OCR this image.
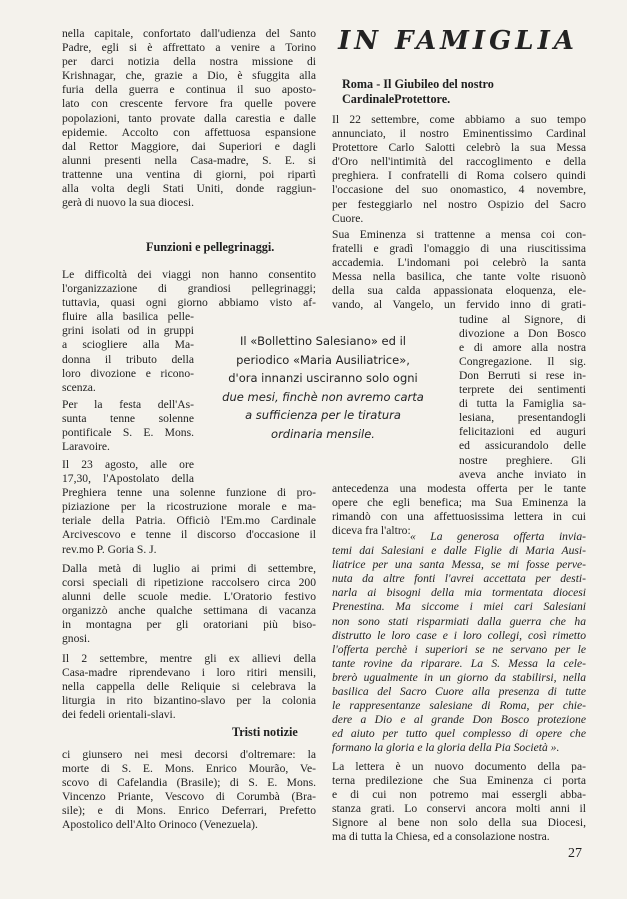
nella capitale, confortato dall'udienza del Santo
Padre, egli si è affrettato a venire a Torino
per darci notizia della nostra missione di
Krishnagar, che, grazie a Dio, è sfuggita alla
furia della guerra e continua il suo aposto-
lato con crescente fervore fra quelle povere
popolazioni, tanto provate dalla carestia e dalle
epidemie. Accolto con affettuosa espansione
dal Rettor Maggiore, dai Superiori e dagli
alunni presenti nella Casa-madre, S. E. si
trattenne una ventina di giorni, poi ripartì
alla volta degli Stati Uniti, donde raggiun-
gerà di nuovo la sua diocesi.

Funzioni e pellegrinaggi.

Le difficoltà dei viaggi non hanno consentito
l'organizzazione di grandiosi pellegrinaggi;
tuttavia, quasi ogni giorno abbiamo visto af-
fluire alla basilica pelle-
grini isolati od in gruppi
a sciogliere alla Ma-
donna il tributo della
loro divozione e ricono-
scenza.
Per la festa dell'As-
sunta tenne solenne
pontificale S. E. Mons.
Laravoire.
Il 23 agosto, alle ore
17,30, l'Apostolato della
Preghiera tenne una solenne funzione di pro-
piziazione per la ricostruzione morale e ma-
teriale della Patria. Officiò l'Em.mo Cardinale
Arcivescovo e tenne il discorso d'occasione il
rev.mo P. Goria S. J.
Dalla metà di luglio ai primi di settembre,
corsi speciali di ripetizione raccolsero circa 200
alunni delle scuole medie. L'Oratorio festivo
organizzò anche qualche settimana di vacanza
in montagna per gli oratoriani più biso-
gnosi.
Il 2 settembre, mentre gli ex allievi della
Casa-madre riprendevano i loro ritiri mensili,
nella cappella delle Reliquie si celebrava la
liturgia in rito bizantino-slavo per la colonia
dei fedeli orientali-slavi.

Tristi notizie

ci giunsero nei mesi decorsi d'oltremare: la
morte di S. E. Mons. Enrico Mourão, Ve-
scovo di Cafelandia (Brasile); di S. E. Mons.
Vincenzo Priante, Vescovo di Corumbà (Bra-
sile); e di Mons. Enrico Deferrari, Prefetto
Apostolico dell'Alto Orinoco (Venezuela).
IN FAMIGLIA
Roma - Il Giubileo del nostro CardinaleProtettore.
Il 22 settembre, come abbiamo a suo tempo
annunciato, il nostro Eminentissimo Cardinal
Protettore Carlo Salotti celebrò la sua Messa
d'Oro nell'intimità del raccoglimento e della
preghiera. I confratelli di Roma colsero quindi
l'occasione del suo onomastico, 4 novembre,
per festeggiarlo nel nostro Ospizio del Sacro
Cuore.
Sua Eminenza si trattenne a mensa coi con-
fratelli e gradì l'omaggio di una riuscitissima
accademia. L'indomani poi celebrò la santa
Messa nella basilica, che tante volte risuonò
della sua calda appassionata eloquenza, ele-
vando, al Vangelo, un fervido inno di grati-
tudine al Signore, di
divozione a Don Bosco
e di amore alla nostra
Congregazione. Il sig.
Don Berruti si rese in-
terprete dei sentimenti
di tutta la Famiglia sa-
lesiana, presentandogli
felicitazioni ed auguri
ed assicurandolo delle
nostre preghiere. Gli
aveva anche inviato in
antecedenza una modesta offerta per le tante
opere che egli benefica; ma Sua Eminenza la
rimandò con una affettuosissima lettera in cui
diceva fra l'altro: « La generosa offerta invia-
temi dai Salesiani e dalle Figlie di Maria Ausi-
liatrice per una santa Messa, se mi fosse perve-
nuta da altre fonti l'avrei accettata per desti-
narla ai bisogni della mia tormentata diocesi
Prenestina. Ma siccome i miei cari Salesiani
non sono stati risparmiati dalla guerra che ha
distrutto le loro case e i loro collegi, così rimetto
l'offerta perchè i superiori se ne servano per le
tante rovine da riparare. La S. Messa la cele-
brerò ugualmente in un giorno da stabilirsi, nella
basilica del Sacro Cuore alla presenza di tutte
le rappresentanze salesiane di Roma, per chie-
dere a Dio e al grande Don Bosco protezione
ed aiuto per tutto quel complesso di opere che
formano la gloria e la gloria della Pia Società ».
La lettera è un nuovo documento della pa-
terna predilezione che Sua Eminenza ci porta
e di cui non potremo mai essergli abba-
stanza grati. Lo conservi ancora molti anni il
Signore al bene non solo della sua Diocesi,
ma di tutta la Chiesa, ed a consolazione nostra.
Il «Bollettino Salesiano» ed il
periodico «Maria Ausiliatrice»,
d'ora innanzi usciranno solo ogni
due mesi, finchè non avremo carta
a sufficienza per le tiratura
ordinaria mensile.

27
